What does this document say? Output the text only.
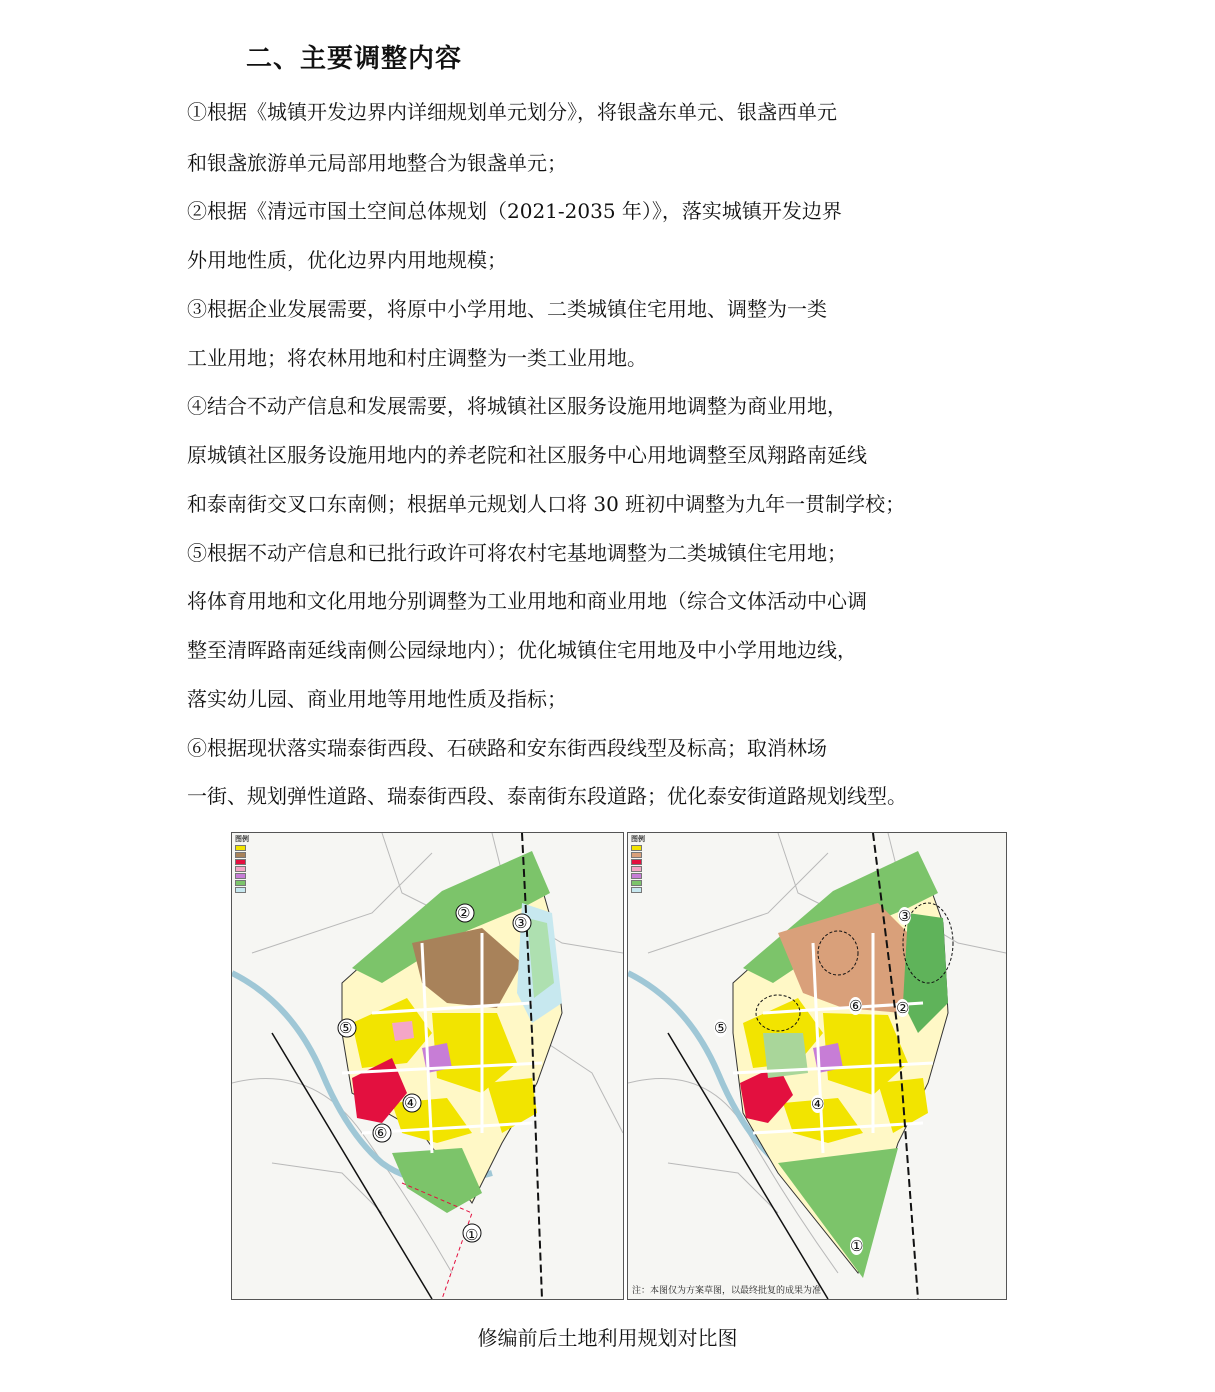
二、主要调整内容
①根据《城镇开发边界内详细规划单元划分》，将银盏东单元、银盏西单元
和银盏旅游单元局部用地整合为银盏单元；
②根据《清远市国土空间总体规划（2021-2035 年）》，落实城镇开发边界
外用地性质，优化边界内用地规模；
③根据企业发展需要，将原中小学用地、二类城镇住宅用地、调整为一类
工业用地；将农林用地和村庄调整为一类工业用地。
④结合不动产信息和发展需要，将城镇社区服务设施用地调整为商业用地，
原城镇社区服务设施用地内的养老院和社区服务中心用地调整至凤翔路南延线
和泰南街交叉口东南侧；根据单元规划人口将 30 班初中调整为九年一贯制学校；
⑤根据不动产信息和已批行政许可将农村宅基地调整为二类城镇住宅用地；
将体育用地和文化用地分别调整为工业用地和商业用地（综合文体活动中心调
整至清晖路南延线南侧公园绿地内）；优化城镇住宅用地及中小学用地边线，
落实幼儿园、商业用地等用地性质及指标；
⑥根据现状落实瑞泰街西段、石硖路和安东街西段线型及标高；取消林场
一街、规划弹性道路、瑞泰街西段、泰南街东段道路；优化泰安街道路规划线型。
图例
①
②
③
④
⑤
⑥
图例
①
②
③
④
⑤
⑥
注：本图仅为方案草图，以最终批复的成果为准
修编前后土地利用规划对比图
